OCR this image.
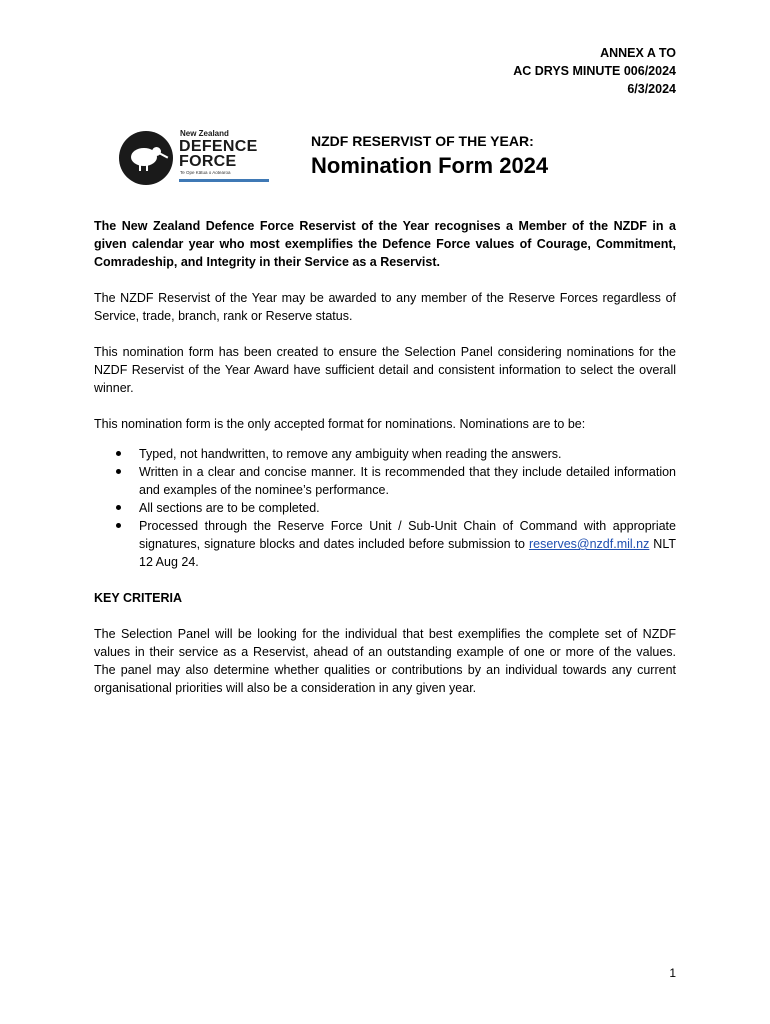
ANNEX A TO
AC DRYS MINUTE 006/2024
6/3/2024
New Zealand
DEFENCE
FORCE
Te Ope Kātua o Aotearoa
NZDF RESERVIST OF THE YEAR:
Nomination Form 2024

The New Zealand Defence Force Reservist of the Year recognises a Member of the NZDF in a given calendar year who most exemplifies the Defence Force values of Courage, Commitment, Comradeship, and Integrity in their Service as a Reservist.

The NZDF Reservist of the Year may be awarded to any member of the Reserve Forces regardless of Service, trade, branch, rank or Reserve status.

This nomination form has been created to ensure the Selection Panel considering nominations for the NZDF Reservist of the Year Award have sufficient detail and consistent information to select the overall winner.

This nomination form is the only accepted format for nominations. Nominations are to be:

Typed, not handwritten, to remove any ambiguity when reading the answers.
Written in a clear and concise manner. It is recommended that they include detailed information and examples of the nominee’s performance.
All sections are to be completed.
Processed through the Reserve Force Unit / Sub-Unit Chain of Command with appropriate signatures, signature blocks and dates included before submission to reserves@nzdf.mil.nz NLT 12 Aug 24.

KEY CRITERIA

The Selection Panel will be looking for the individual that best exemplifies the complete set of NZDF values in their service as a Reservist, ahead of an outstanding example of one or more of the values. The panel may also determine whether qualities or contributions by an individual towards any current organisational priorities will also be a consideration in any given year.

1
